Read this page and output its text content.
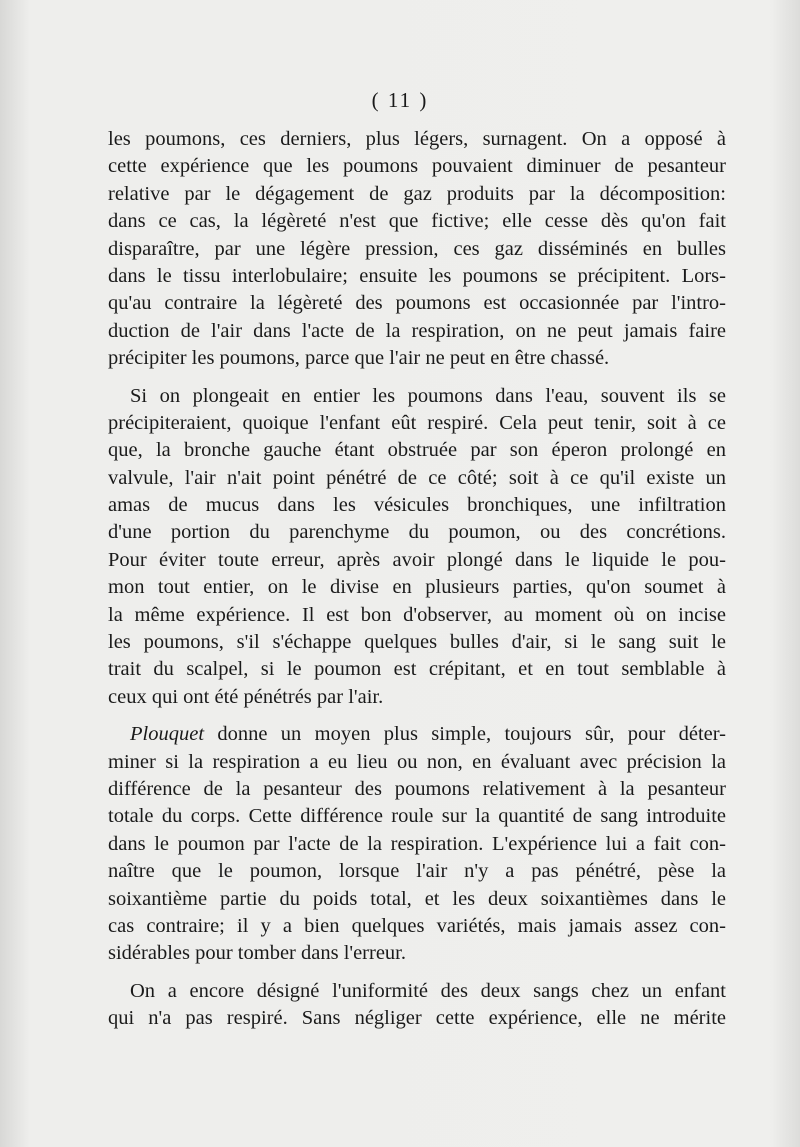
( 11 )
les poumons, ces derniers, plus légers, surnagent. On a opposé à
cette expérience que les poumons pouvaient diminuer de pesanteur
relative par le dégagement de gaz produits par la décomposition:
dans ce cas, la légèreté n'est que fictive; elle cesse dès qu'on fait
disparaître, par une légère pression, ces gaz disséminés en bulles
dans le tissu interlobulaire; ensuite les poumons se précipitent. Lors-
qu'au contraire la légèreté des poumons est occasionnée par l'intro-
duction de l'air dans l'acte de la respiration, on ne peut jamais faire
précipiter les poumons, parce que l'air ne peut en être chassé.
Si on plongeait en entier les poumons dans l'eau, souvent ils se
précipiteraient, quoique l'enfant eût respiré. Cela peut tenir, soit à ce
que, la bronche gauche étant obstruée par son éperon prolongé en
valvule, l'air n'ait point pénétré de ce côté; soit à ce qu'il existe un
amas de mucus dans les vésicules bronchiques, une infiltration
d'une portion du parenchyme du poumon, ou des concrétions.
Pour éviter toute erreur, après avoir plongé dans le liquide le pou-
mon tout entier, on le divise en plusieurs parties, qu'on soumet à
la même expérience. Il est bon d'observer, au moment où on incise
les poumons, s'il s'échappe quelques bulles d'air, si le sang suit le
trait du scalpel, si le poumon est crépitant, et en tout semblable à
ceux qui ont été pénétrés par l'air.
Plouquet donne un moyen plus simple, toujours sûr, pour déter-
miner si la respiration a eu lieu ou non, en évaluant avec précision la
différence de la pesanteur des poumons relativement à la pesanteur
totale du corps. Cette différence roule sur la quantité de sang introduite
dans le poumon par l'acte de la respiration. L'expérience lui a fait con-
naître que le poumon, lorsque l'air n'y a pas pénétré, pèse la
soixantième partie du poids total, et les deux soixantièmes dans le
cas contraire; il y a bien quelques variétés, mais jamais assez con-
sidérables pour tomber dans l'erreur.
On a encore désigné l'uniformité des deux sangs chez un enfant
qui n'a pas respiré. Sans négliger cette expérience, elle ne mérite
